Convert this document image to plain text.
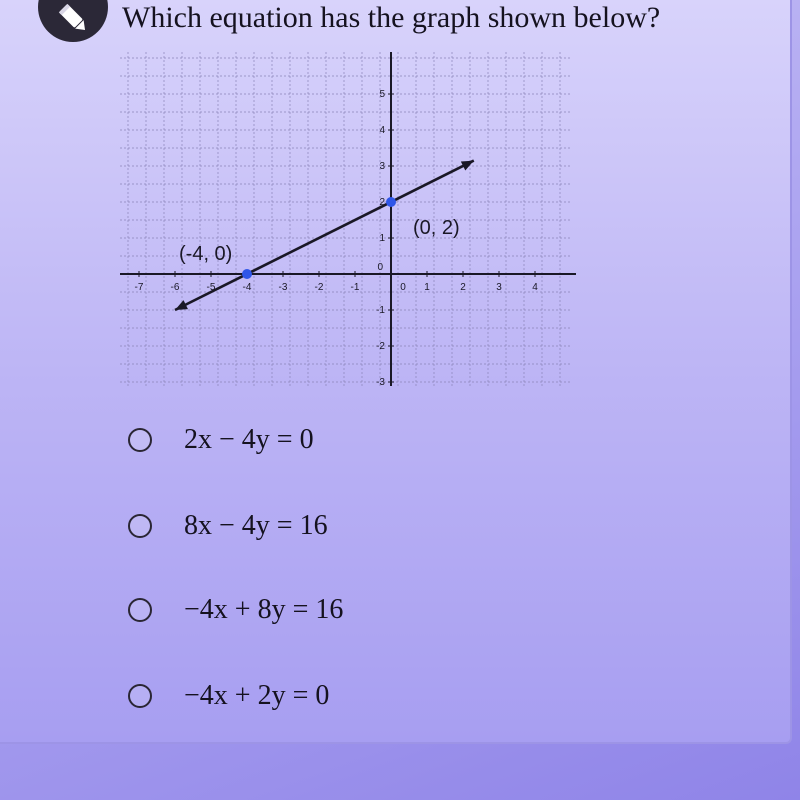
Which equation has the graph shown below?
-7	-6	-5	-4	-3	-2	-1	0 1	2	3	4
-3
-2
-1
0
1
2
3
4
5
(-4, 0)
(0, 2)
2x − 4y = 0
8x − 4y = 16
−4x + 8y = 16
−4x + 2y = 0
